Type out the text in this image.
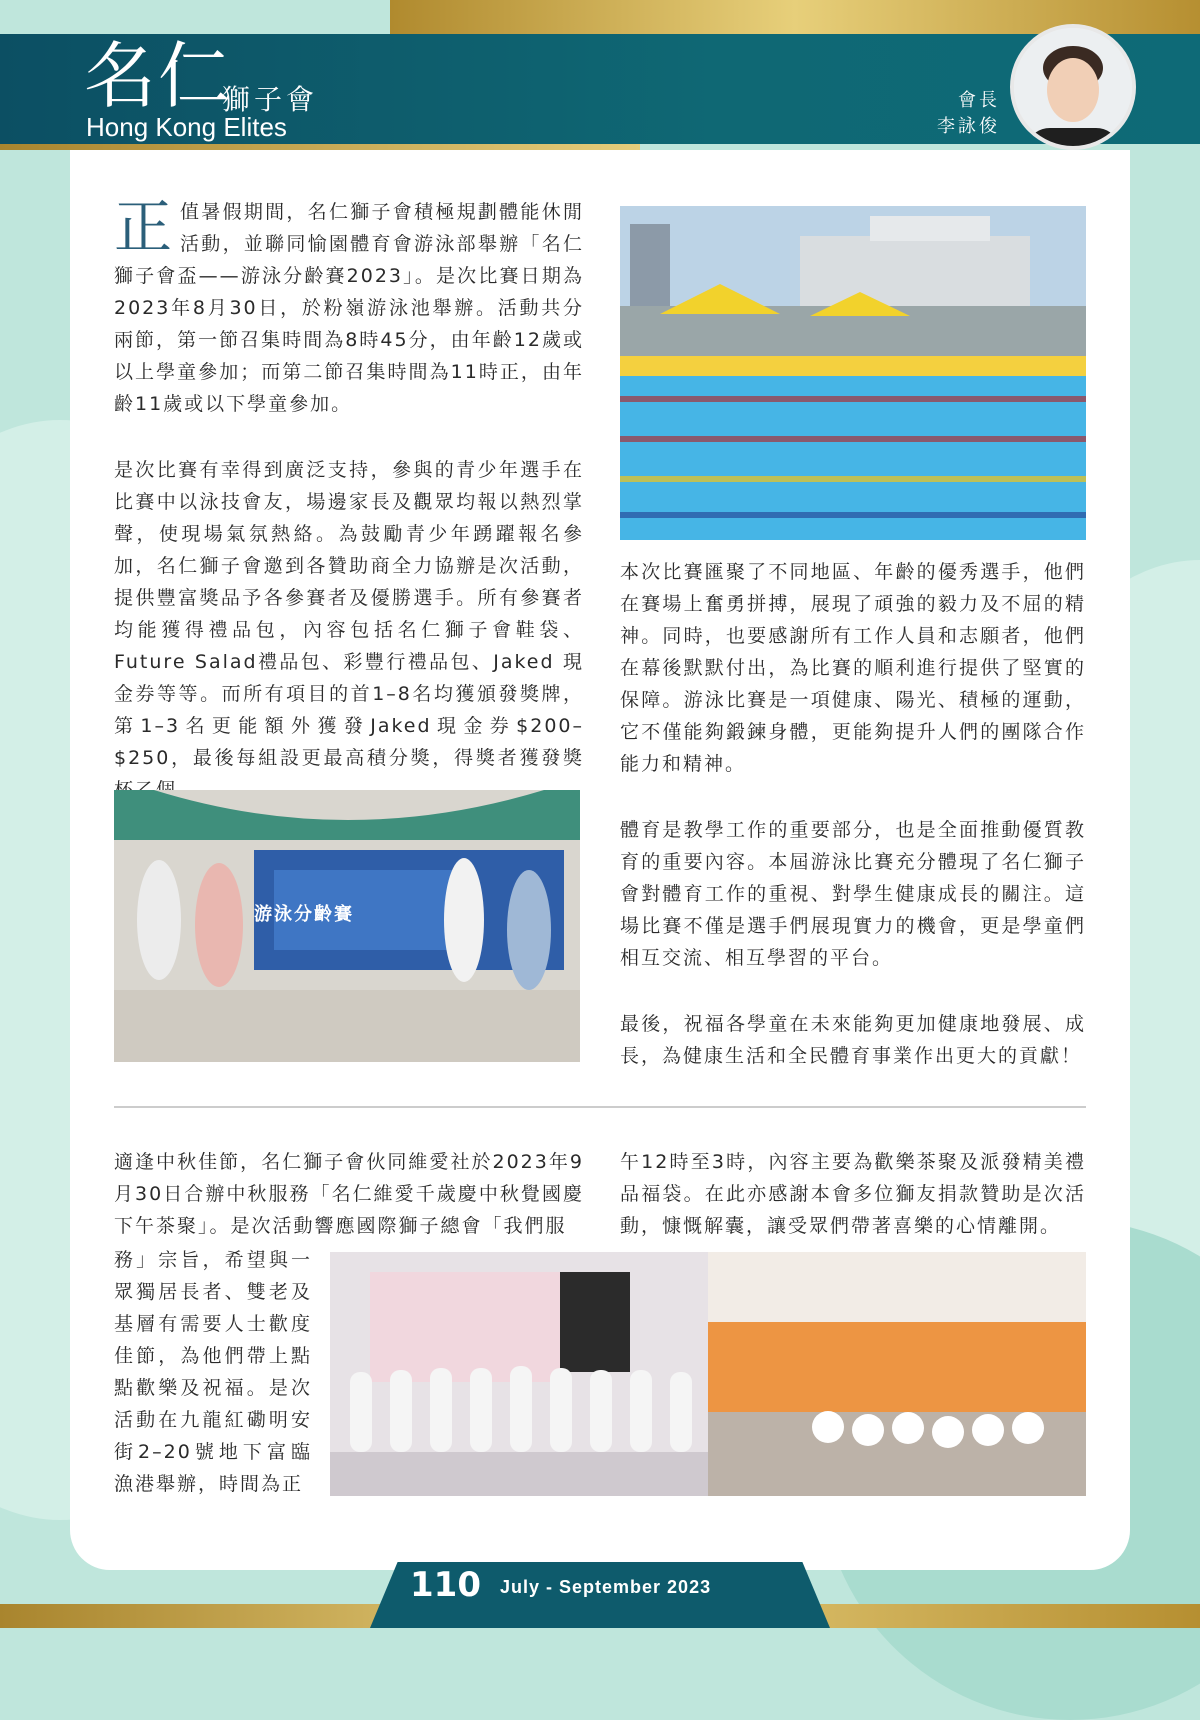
名仁
獅子會
Hong Kong Elites
會長
李詠俊

正值暑假期間，名仁獅子會積極規劃體能休閒活動，並聯同愉園體育會游泳部舉辦「名仁獅子會盃——游泳分齡賽2023」。是次比賽日期為2023年8月30日，於粉嶺游泳池舉辦。活動共分兩節，第一節召集時間為8時45分，由年齡12歲或以上學童參加；而第二節召集時間為11時正，由年齡11歲或以下學童參加。

是次比賽有幸得到廣泛支持，參與的青少年選手在比賽中以泳技會友，場邊家長及觀眾均報以熱烈掌聲，使現場氣氛熱絡。為鼓勵青少年踴躍報名參加，名仁獅子會邀到各贊助商全力協辦是次活動，提供豐富獎品予各參賽者及優勝選手。所有參賽者均能獲得禮品包，內容包括名仁獅子會鞋袋、Future Salad禮品包、彩豐行禮品包、Jaked 現金券等等。而所有項目的首1–8名均獲頒發獎牌，第1–3名更能額外獲發Jaked現金券$200–$250，最後每組設更最高積分獎，得獎者獲發獎

游泳分齡賽

本次比賽匯聚了不同地區、年齡的優秀選手，他們在賽場上奮勇拼搏，展現了頑強的毅力及不屈的精神。同時，也要感謝所有工作人員和志願者，他們在幕後默默付出，為比賽的順利進行提供了堅實的保障。游泳比賽是一項健康、陽光、積極的運動，它不僅能夠鍛鍊身體，更能夠提升人們的團隊合作能力和精神。

體育是教學工作的重要部分，也是全面推動優質教育的重要內容。本屆游泳比賽充分體現了名仁獅子會對體育工作的重視、對學生健康成長的關注。這場比賽不僅是選手們展現實力的機會，更是學童們相互交流、相互學習的平台。

最後，祝福各學童在未來能夠更加健康地發展、成長，為健康生活和全民體育事業作出更大的貢獻！

適逢中秋佳節，名仁獅子會伙同維愛社於2023年9月30日合辦中秋服務「名仁維愛千歲慶中秋覺國慶下午茶聚」。是次活動響應國際獅子總會「我們服

務」宗旨，希望與一眾獨居長者、雙老及基層有需要人士歡度佳節，為他們帶上點點歡樂及祝福。是次活動在九龍紅磡明安街2–20號地下富臨漁港舉辦，時間為正

午12時至3時，內容主要為歡樂茶聚及派發精美禮品福袋。在此亦感謝本會多位獅友捐款贊助是次活動，慷慨解囊，讓受眾們帶著喜樂的心情離開。

110 July - September 2023
